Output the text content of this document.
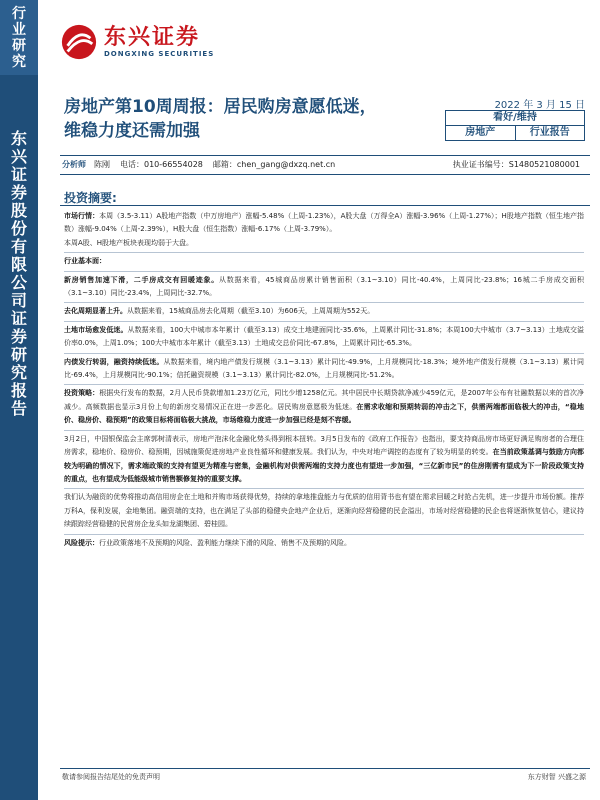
行
业
研
究
东
兴
证
券
股
份
有
限
公
司
证
券
研
究
报
告
东兴证券
DONGXING SECURITIES
房地产第10周周报：居民购房意愿低迷，
维稳力度还需加强
2022 年 3 月 15 日
看好/维持
房地产	行业报告
分析师 陈刚 电话：010-66554028 邮箱： chen_gang@dxzq.net.cn	执业证书编号：S1480521080001
投资摘要:

市场行情：本周（3.5-3.11）A股地产指数（中万房地产）涨幅-5.48%（上周-1.23%），A股大盘（万得全A）涨幅-3.96%（上周-1.27%）；H股地产指数（恒生地产指数）涨幅-9.04%（上周-2.39%），H股大盘（恒生指数）涨幅-6.17%（上周-3.79%）。

本周A股、H股地产板块表现均弱于大盘。

行业基本面：

新房销售加速下滑，二手房成交有回暖迹象。从数据来看，45城商品房累计销售面积（3.1~3.10）同比-40.4%，上周同比-23.8%；16城二手房成交面积（3.1~3.10）同比-23.4%，上周同比-32.7%。

去化周期显著上升。从数据来看，15城商品房去化周期（截至3.10）为606天，上周周期为552天。

土地市场愈发低迷。从数据来看，100大中城市本年累计（截至3.13）成交土地建面同比-35.6%，上周累计同比-31.8%；本周100大中城市（3.7~3.13）土地成交溢价率0.0%，上周1.0%；100大中城市本年累计（截至3.13）土地成交总价同比-67.8%，上周累计同比-65.3%。

内债发行转弱，融资持续低迷。从数据来看，境内地产债发行规模（3.1~3.13）累计同比-49.9%，上月规模同比-18.3%；境外地产债发行规模（3.1~3.13）累计同比-69.4%，上月规模同比-90.1%；信托融资规模（3.1~3.13）累计同比-82.0%，上月规模同比-51.2%。

投资策略：根据央行发布的数据，2月人民币贷款增加1.23万亿元，同比少增1258亿元。其中居民中长期贷款净减少459亿元，是2007年公布有社融数据以来的首次净减少。高频数据也显示3月份上旬的新房交易情况正在进一步恶化。居民购房意愿极为低迷。在需求收缩和预期转弱的冲击之下，供需两端都面临极大的冲击，“稳地价、稳房价、稳预期”的政策目标将面临极大挑战，市场维稳力度进一步加强已经是刻不容缓。

3月2日，中国银保监会主席郭树清表示，房地产泡沫化金融化势头得到根本扭转。3月5日发布的《政府工作报告》也指出，要支持商品房市场更好满足购房者的合理住房需求，稳地价、稳房价、稳预期，因城施策促进房地产业良性循环和健康发展。我们认为，中央对地产调控的态度有了较为明显的转变。在当前政策基调与鼓励方向都较为明确的情况下，需求端政策的支持有望更为精准与密集，金融机构对供需两端的支持力度也有望进一步加强，“三亿新市民”的住房刚需有望成为下一阶段政策支持的重点，也有望成为低能级城市销售额修复持的重要支撑。

我们认为融资的优势将推动高信用房企在土地和并购市场获得优势，持续的拿地推盘能力与优质的信用背书也有望在需求回暖之时抢占先机，进一步提升市场份额。推荐万科A，保利发展，金地集团。融资端的支持，也在满足了头部的稳健央企地产企业后，逐渐向经营稳健的民企溢出，市场对经营稳健的民企也将逐渐恢复信心，建议持续跟踪经营稳健的民营房企龙头如龙湖集团、碧桂园。

风险提示：行业政策落地不及预期的风险、盈利能力继续下滑的风险、销售不及预期的风险。

敬请参阅报告结尾处的免责声明	东方财智 兴盛之源
